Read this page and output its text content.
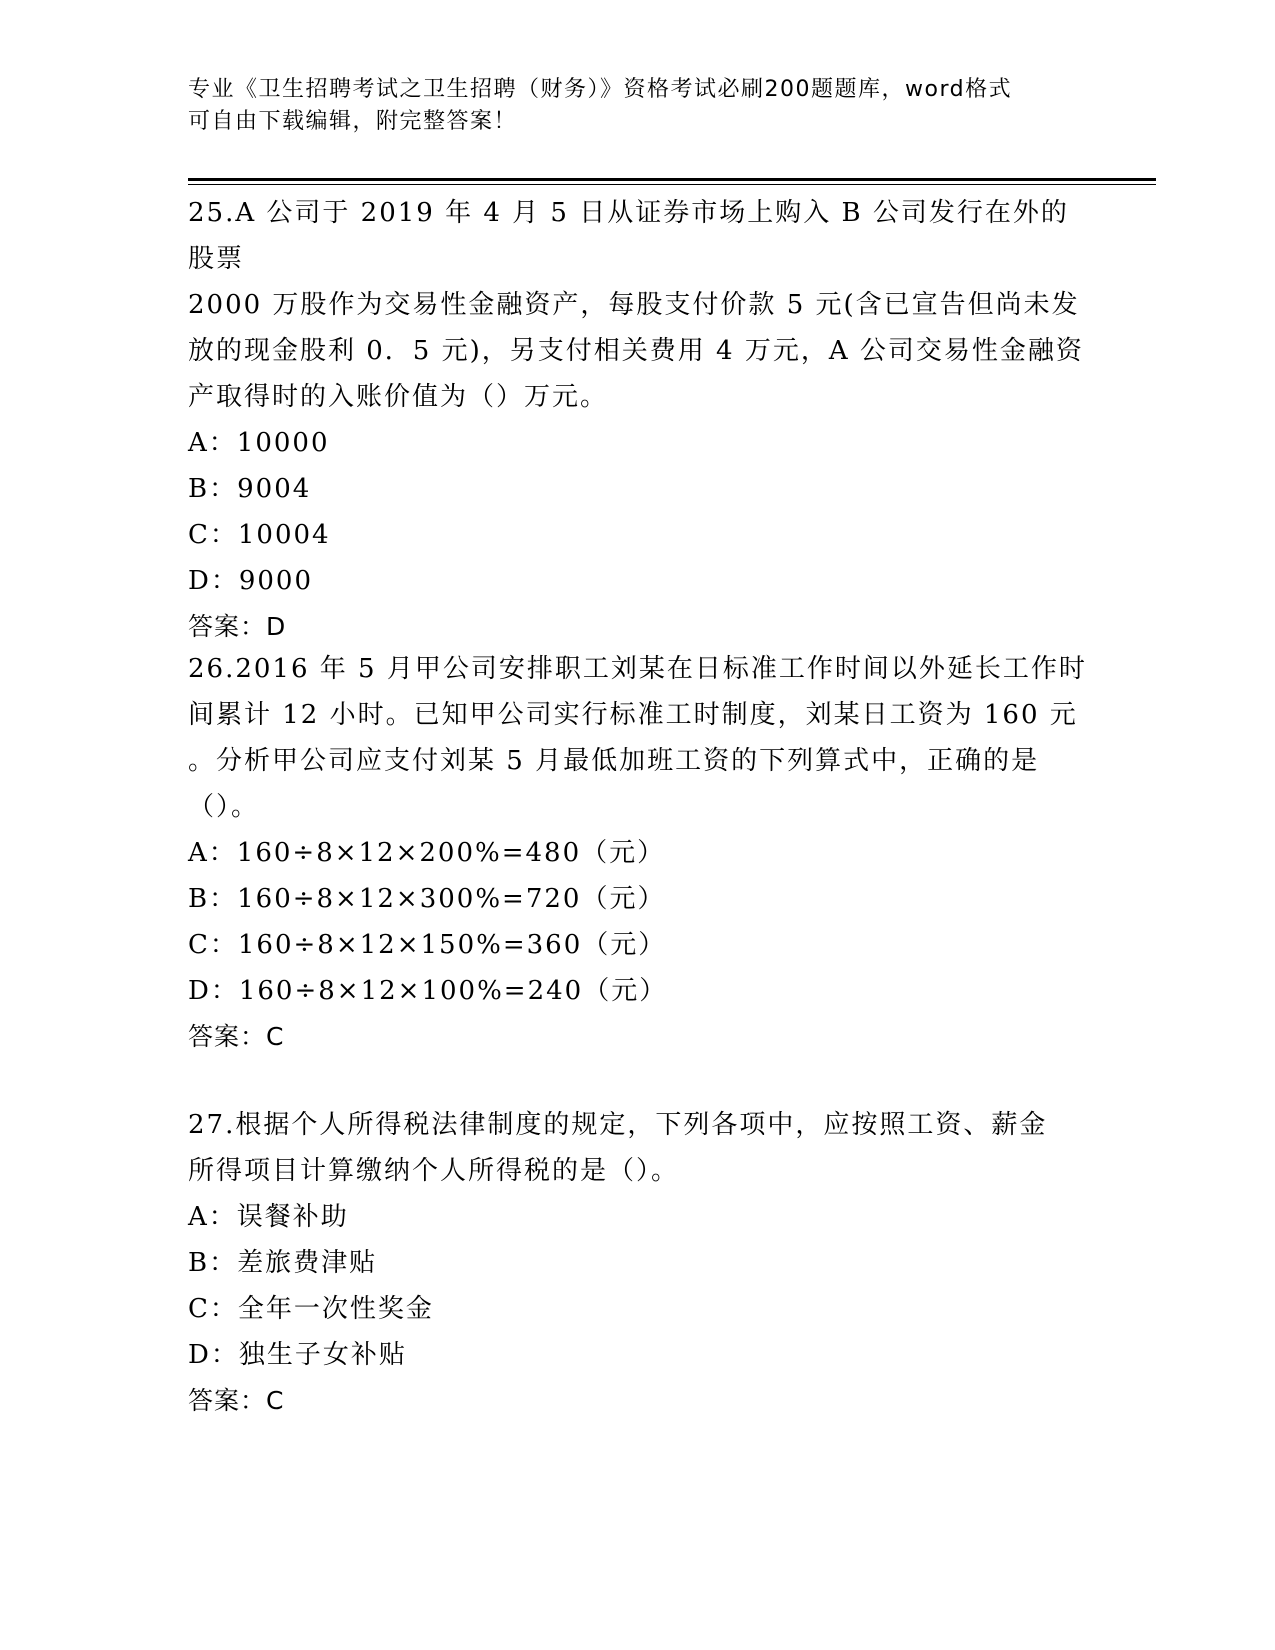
专业《卫生招聘考试之卫生招聘（财务）》资格考试必刷200题题库，word格式
可自由下载编辑，附完整答案！

25.A 公司于 2019 年 4 月 5 日从证券市场上购入 B 公司发行在外的股票

2000 万股作为交易性金融资产，每股支付价款 5 元(含已宣告但尚未发

放的现金股利 0．5 元)，另支付相关费用 4 万元，A 公司交易性金融资

产取得时的入账价值为（）万元。

A：10000

B：9004

C：10004

D：9000

答案：D

26.2016 年 5 月甲公司安排职工刘某在日标准工作时间以外延长工作时

间累计 12 小时。已知甲公司实行标准工时制度，刘某日工资为 160 元

。分析甲公司应支付刘某 5 月最低加班工资的下列算式中，正确的是

（）。

A：160÷8×12×200%=480（元）

B：160÷8×12×300%=720（元）

C：160÷8×12×150%=360（元）

D：160÷8×12×100%=240（元）

答案：C

27.根据个人所得税法律制度的规定，下列各项中，应按照工资、薪金

所得项目计算缴纳个人所得税的是（）。

A：误餐补助

B：差旅费津贴

C：全年一次性奖金

D：独生子女补贴

答案：C
